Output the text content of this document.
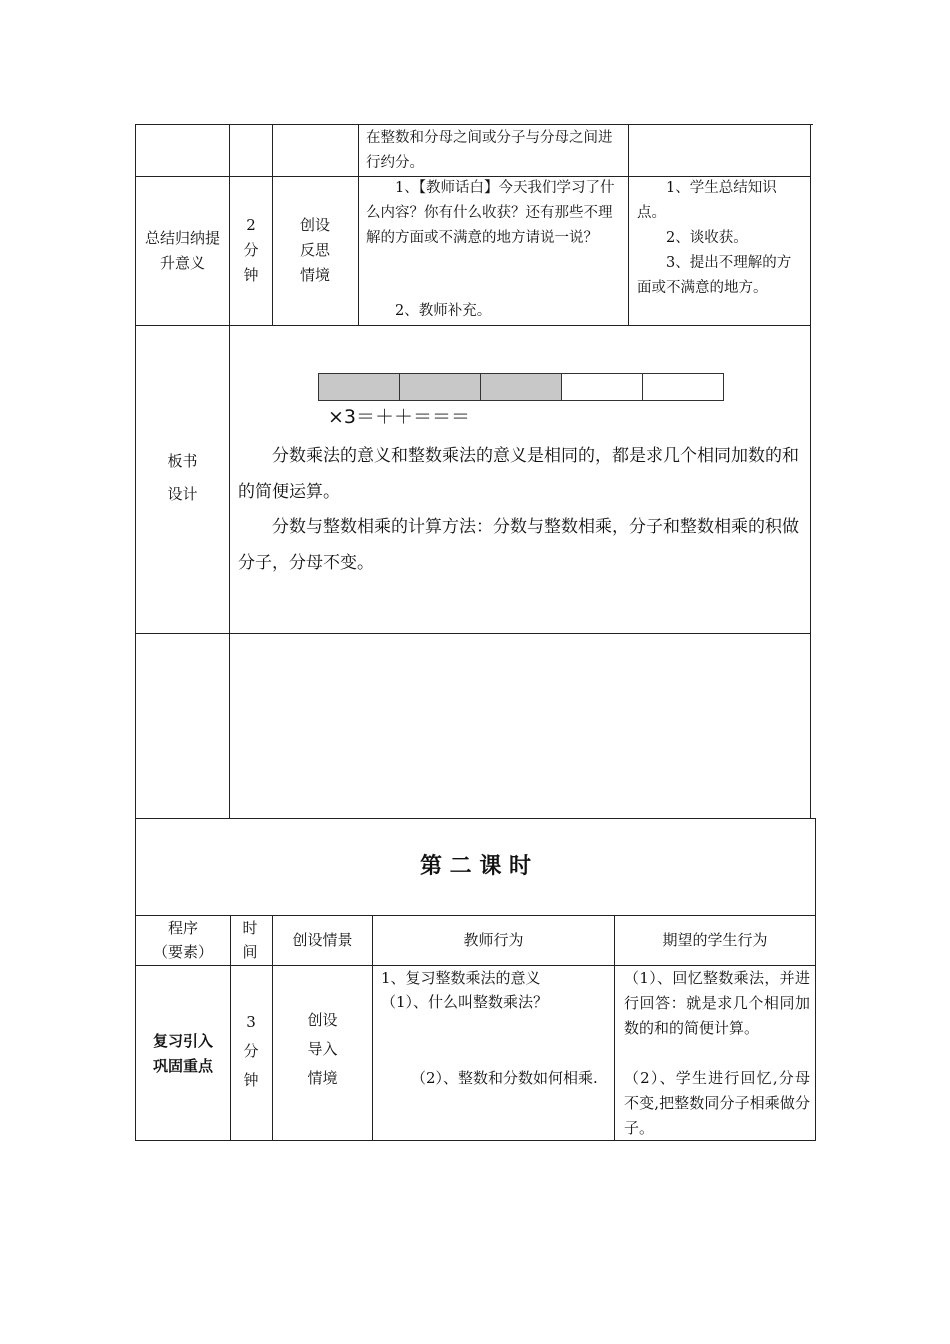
在整数和分母之间或分子与分母之间进行约分。
总结归纳提升意义
2
分
钟
创设
反思
情境
1、【教师话白】今天我们学习了什么内容？你有什么收获？还有那些不理解的方面或不满意的地方请说一说？
2、教师补充。
1、学生总结知识点。
2、谈收获。
3、提出不理解的方面或不满意的地方。
板书
设计
×3＝＋＋＝＝＝
分数乘法的意义和整数乘法的意义是相同的，都是求几个相同加数的和的简便运算。
分数与整数相乘的计算方法：分数与整数相乘，分子和整数相乘的积做分子，分母不变。
第 二 课 时
程序
（要素）
时
间
创设情景	教师行为	期望的学生行为
复习引入
巩固重点
3
分
钟
创设
导入
情境
1、复习整数乘法的意义
（1）、什么叫整数乘法？
（2）、整数和分数如何相乘.
（1）、回忆整数乘法，并进行回答：就是求几个相同加数的和的简便计算。
（2）、学生进行回忆,分母不变,把整数同分子相乘做分子。
